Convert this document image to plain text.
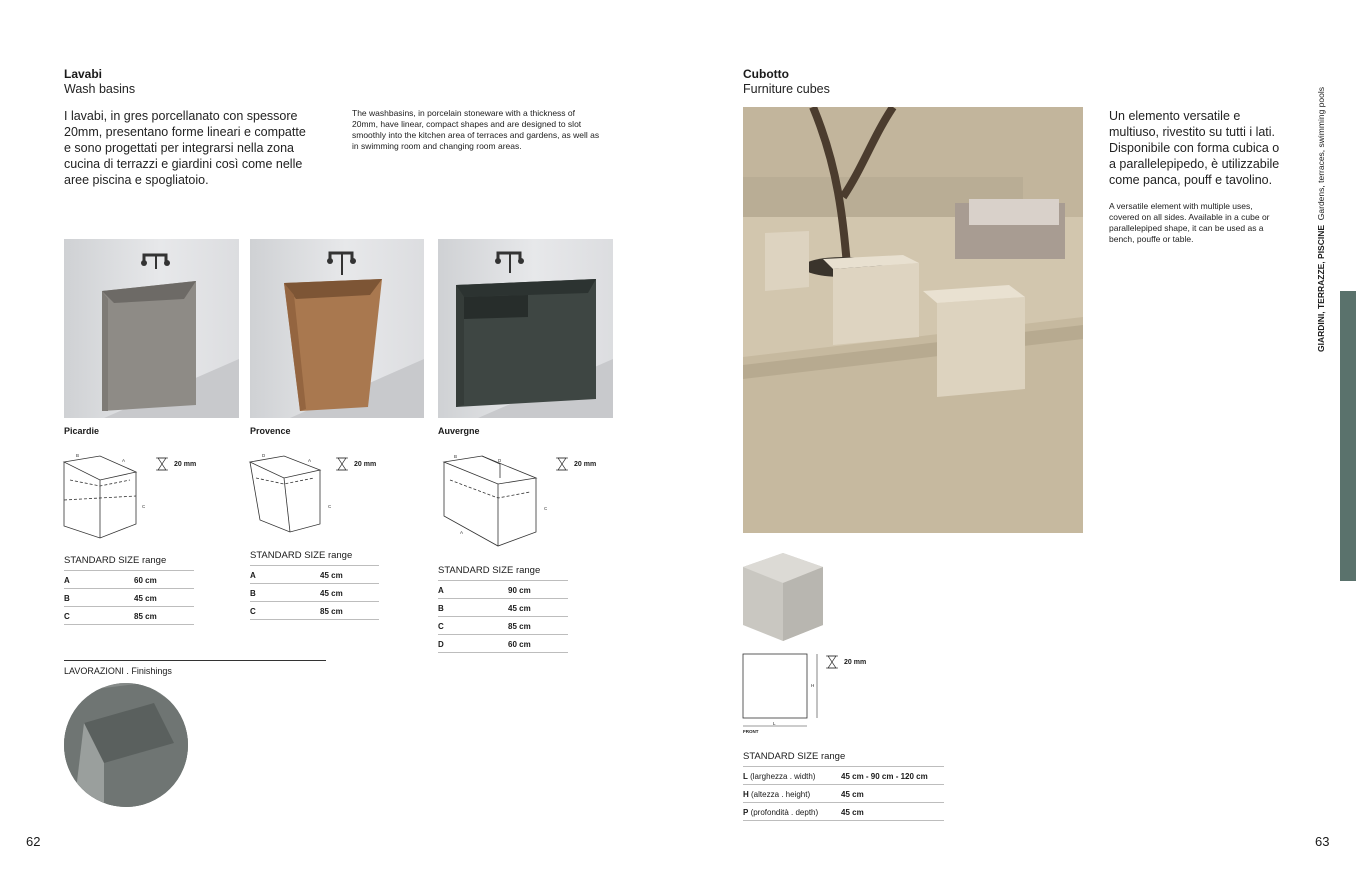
Lavabi
Wash basins
I lavabi, in gres porcellanato con spessore 20mm, presentano forme lineari e compatte e sono progettati per integrarsi nella zona cucina di terrazzi e giardini così come nelle aree piscina e spogliatoio.
The washbasins, in porcelain stoneware with a thickness of 20mm, have linear, compact shapes and are designed to slot smoothly into the kitchen area of terraces and gardens, as well as in swimming room and changing room areas.
Picardie	Provence	Auvergne
B
A
C
D
A
C
B
D
C
A
20 mm	20 mm	20 mm
STANDARD SIZE range
A	60 cm
B	45 cm
C	85 cm
STANDARD SIZE range
A	45 cm
B	45 cm
C	85 cm
STANDARD SIZE range
A	90 cm
B	45 cm
C	85 cm
D	60 cm
LAVORAZIONI . Finishings
62
Cubotto
Furniture cubes
Un elemento versatile e multiuso, rivestito su tutti i lati. Disponibile con forma cubica o a parallelepipedo, è utilizzabile come panca, pouff e tavolino.
A versatile element with multiple uses, covered on all sides. Available in a cube or parallelepiped shape, it can be used as a bench, pouffe or table.
L
H
FRONT
20 mm
STANDARD SIZE range
L (larghezza . width)	45 cm - 90 cm - 120 cm
H (altezza . height)	45 cm
P (profondità . depth)	45 cm
63
GIARDINI, TERRAZZE, PISCINE  Gardens, terraces, swimming pools
